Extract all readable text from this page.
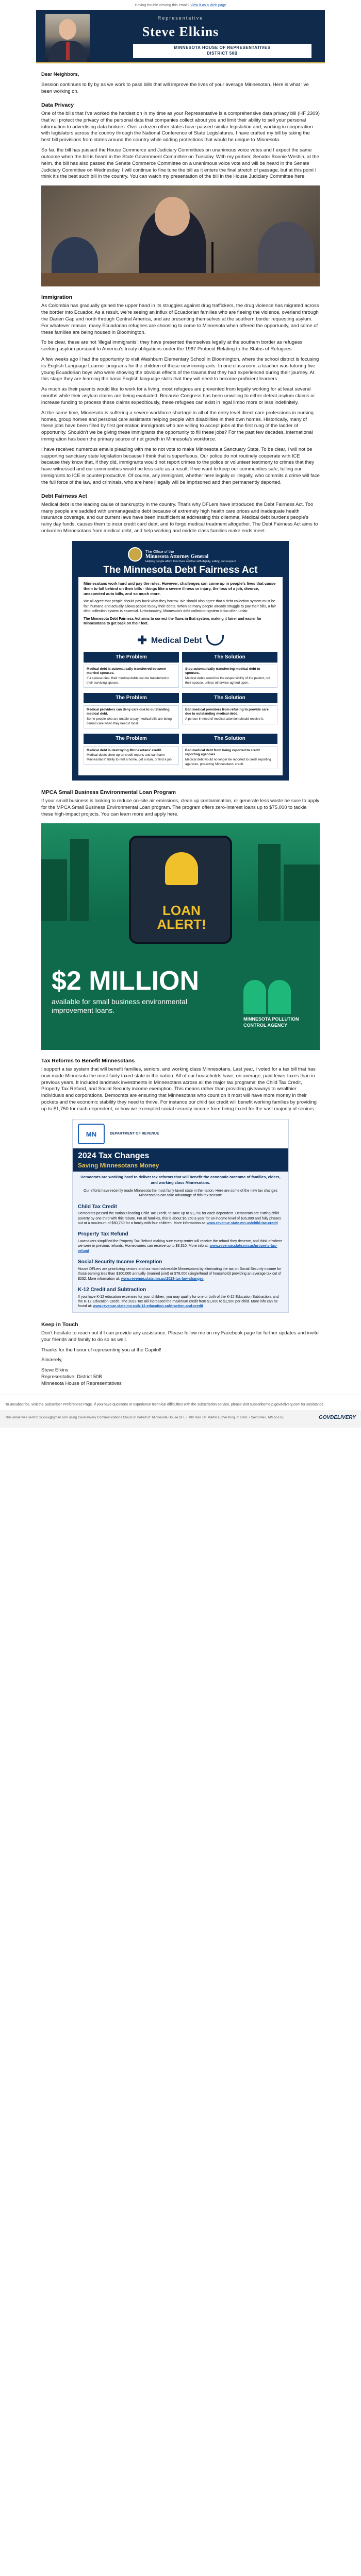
Having trouble viewing this email? View it as a Web page
Representative
Steve Elkins
MINNESOTA HOUSE OF REPRESENTATIVES
DISTRICT 50B

Dear Neighbors,

Session continues to fly by as we work to pass bills that will improve the lives of your average Minnesotan. Here is what I've been working on.

Data Privacy

One of the bills that I've worked the hardest on in my time as your Representative is a comprehensive data privacy bill (HF 2309) that will protect the privacy of the personal data that companies collect about you and limit their ability to sell your personal information to advertising data brokers. Over a dozen other states have passed similar legislation and, working in cooperation with legislators across the country through the National Conference of State Legislatures, I have crafted my bill by taking the best bill provisions from states around the country while adding protections that would be unique to Minnesota.

So far, the bill has passed the House Commerce and Judiciary Committees on unanimous voice votes and I expect the same outcome when the bill is heard in the State Government Committee on Tuesday. With my partner, Senator Bonnie Westlin, at the helm, the bill has also passed the Senate Commerce Committee on a unanimous voice vote and will be heard in the Senate Judiciary Committee on Wednesday. I will continue to fine tune the bill as it enters the final stretch of passage, but at this point I think it's the best such bill in the country. You can watch my presentation of the bill in the House Judiciary Committee here.

Immigration

As Colombia has gradually gained the upper hand in its struggles against drug traffickers, the drug violence has migrated across the border into Ecuador. As a result, we're seeing an influx of Ecuadorian families who are fleeing the violence, overland through the Darien Gap and north through Central America, and are presenting themselves at the southern border requesting asylum. For whatever reason, many Ecuadorian refugees are choosing to come to Minnesota when offered the opportunity, and some of these families are being housed in Bloomington.

To be clear, these are not 'illegal immigrants'; they have presented themselves legally at the southern border as refugees seeking asylum pursuant to America's treaty obligations under the 1967 Protocol Relating to the Status of Refugees.

A few weeks ago I had the opportunity to visit Washburn Elementary School in Bloomington, where the school district is focusing its English Language Learner programs for the children of these new immigrants. In one classroom, a teacher was tutoring five young Ecuadorian boys who were showing the obvious effects of the trauma that they had experienced during their journey. At this stage they are learning the basic English language skills that they will need to become proficient learners.

As much as their parents would like to work for a living, most refugees are prevented from legally working for at least several months while their asylum claims are being evaluated. Because Congress has been unwilling to either defeat asylum claims or increase funding to process these claims expeditiously, these refugees can exist in legal limbo more or less indefinitely.

At the same time, Minnesota is suffering a severe workforce shortage in all of the entry level direct care professions in nursing homes, group homes and personal care assistants helping people with disabilities in their own homes. Historically, many of these jobs have been filled by first generation immigrants who are willing to accept jobs at the first rung of the ladder of opportunity. Shouldn't we be giving these immigrants the opportunity to fill these jobs? For the past few decades, international immigration has been the primary source of net growth in Minnesota's workforce.

I have received numerous emails pleading with me to not vote to make Minnesota a Sanctuary State. To be clear, I will not be supporting sanctuary state legislation because I think that is superfluous. Our police do not routinely cooperate with ICE because they know that, if they did, immigrants would not report crimes to the police or volunteer testimony to crimes that they have witnessed and our communities would be less safe as a result. If we want to keep our communities safe, telling our immigrants to ICE is counterproductive. Of course, any immigrant, whether here legally or illegally, who commits a crime will face the full force of the law, and criminals, who are here illegally will be imprisoned and then permanently deported.

Debt Fairness Act

Medical debt is the leading cause of bankruptcy in the country. That's why DFLers have introduced the Debt Fairness Act. Too many people are saddled with unmanageable debt because of extremely high health care prices and inadequate health insurance coverage, and our current laws have been insufficient at addressing this dilemma. Medical debt burdens people's rainy day funds, causes them to incur credit card debt, and to forgo medical treatment altogether. The Debt Fairness Act aims to unburden Minnesotans from medical debt, and help working and middle class families make ends meet.

The Office of the
Minnesota Attorney General
Helping people afford their lives and live with dignity, safety, and respect
The Minnesota Debt Fairness Act

Minnesotans work hard and pay the rules. However, challenges can come up in people's lives that cause them to fall behind on their bills - things like a severe illness or injury, the loss of a job, divorce, unexpected auto bills, and so much more.

We all agree that people should pay back what they borrow. We should also agree that a debt collection system must be fair, humane and actually allows people to pay their debts. When so many people already struggle to pay their bills, a fair debt collection system is essential. Unfortunately, Minnesota's debt collection system is too often unfair.

The Minnesota Debt Fairness Act aims to correct the flaws in that system, making it fairer and easier for Minnesotans to get back on their feet.

✚ Medical Debt
The Problem
Medical debt is automatically transferred between married spouses.
If a spouse dies, their medical debts can be transferred to their surviving spouse.
The Solution
Stop automatically transferring medical debt to spouses.
Medical debts would be the responsibility of the patient, not their spouse, unless otherwise agreed upon.
The Problem
Medical providers can deny care due to outstanding medical debt.
Some people who are unable to pay medical bills are being denied care when they need it most.
The Solution
Ban medical providers from refusing to provide care due to outstanding medical debt.
A person in need of medical attention should receive it.
The Problem
Medical debt is destroying Minnesotans' credit.
Medical debts show up on credit reports and can harm Minnesotans' ability to rent a home, get a loan, or find a job.
The Solution
Ban medical debt from being reported to credit reporting agencies.
Medical debt would no longer be reported to credit reporting agencies, protecting Minnesotans' credit.
MPCA Small Business Environmental Loan Program

If your small business is looking to reduce on-site air emissions, clean up contamination, or generate less waste be sure to apply for the MPCA Small Business Environmental Loan program. The program offers zero-interest loans up to $75,000 to tackle these high-impact projects. You can learn more and apply here.

LOAN ALERT!
$2 MILLION
available for small business environmental improvement loans.
MINNESOTA POLLUTION CONTROL AGENCY
Tax Reforms to Benefit Minnesotans

I support a tax system that will benefit families, seniors, and working class Minnesotans. Last year, I voted for a tax bill that has now made Minnesota the most fairly taxed state in the nation. All of our households have, on average, paid fewer taxes than in previous years. It included landmark investments in Minnesotans across all the major tax programs: the Child Tax Credit, Property Tax Refund, and Social Security income exemption. This means rather than providing giveaways to wealthier individuals and corporations, Democrats are ensuring that Minnesotans who count on it most will have more money in their pockets and the economic stability they need to thrive. For instance our child tax credit will benefit working families by providing up to $1,750 for each dependent, or how we exempted social security income from being taxed for the vast majority of seniors.

MN	DEPARTMENT OF REVENUE
2024 Tax Changes
Saving Minnesotans Money
Democrats are working hard to deliver tax reforms that will benefit the economic outcome of families, elders, and working class Minnesotans.
Our efforts have recently made Minnesota the most fairly taxed state in the nation. Here are some of the new tax changes Minnesotans can take advantage of this tax season:
Child Tax Credit
Democrats passed the nation's leading Child Tax Credit, to save up to $1,750 for each dependent. Democrats are cutting child poverty by one third with this rebate. For all families, this is about $5,250 a year for an income level of $35,000 and fully phases out at a maximum of $60,750 for a family with four children. More information at: www.revenue.state.mn.us/child-tax-credit
Property Tax Refund
Lawmakers simplified the Property Tax Refund making sure every renter will receive the refund they deserve, and think of where we were in previous refunds. Homeowners can receive up to $3,310. More info at: www.revenue.state.mn.us/property-tax-refund
Social Security Income Exemption
House DFLers are prioritizing seniors and our most vulnerable Minnesotans by eliminating the tax on Social Security income for those earning less than $100,000 annually (married joint) or $78,000 (single/head of household) providing an average tax cut of $232. More information at: www.revenue.state.mn.us/2023-tax-law-changes
K-12 Credit and Subtraction
If you have K-12 education expenses for your children, you may qualify for one or both of the K-12 Education Subtraction, and the K-12 Education Credit. The 2023 Tax Bill increased the maximum credit from $1,000 to $1,500 per child. More info can be found at: www.revenue.state.mn.us/k-12-education-subtraction-and-credit
Keep in Touch

Don't hesitate to reach out if I can provide any assistance. Please follow me on my Facebook page for further updates and invite your friends and family to do so as well.

Thanks for the honor of representing you at the Capitol!

Sincerely,

Steve Elkins
Representative, District 50B
Minnesota House of Representatives
To unsubscribe, visit the Subscriber Preferences Page. If you have questions or experience technical difficulties with the subscription service, please visit subscriberhelp.govdelivery.com for assistance.
This email was sent to xxxxxx@gmail.com using GovDelivery Communications Cloud on behalf of: Minnesota House DFL • 100 Rev. Dr. Martin Luther King Jr. Blvd. • Saint Paul, MN 55155	GOVDELIVERY
